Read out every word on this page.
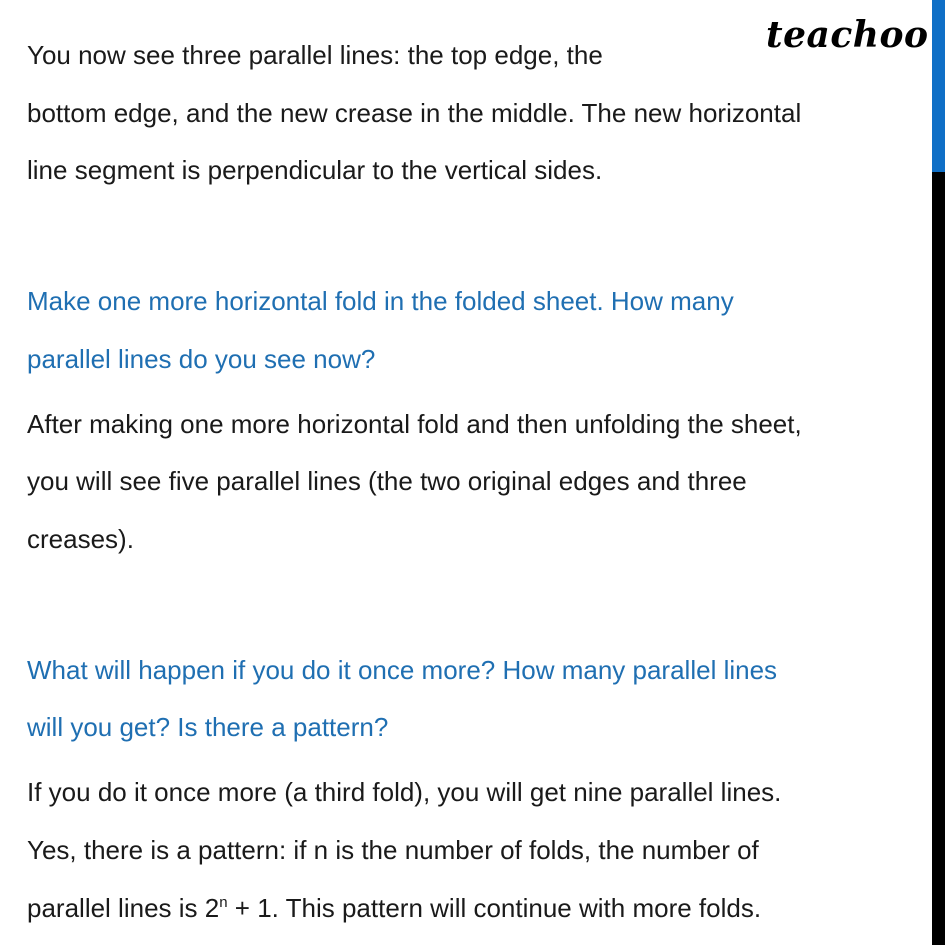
teachoo

You now see three parallel lines: the top edge, the

bottom edge, and the new crease in the middle. The new horizontal

line segment is perpendicular to the vertical sides.

Make one more horizontal fold in the folded sheet. How many

parallel lines do you see now?

After making one more horizontal fold and then unfolding the sheet,

you will see five parallel lines (the two original edges and three

creases).

What will happen if you do it once more? How many parallel lines

will you get? Is there a pattern?

If you do it once more (a third fold), you will get nine parallel lines.

Yes, there is a pattern: if n is the number of folds, the number of

parallel lines is $2^n + 1$. This pattern will continue with more folds.
